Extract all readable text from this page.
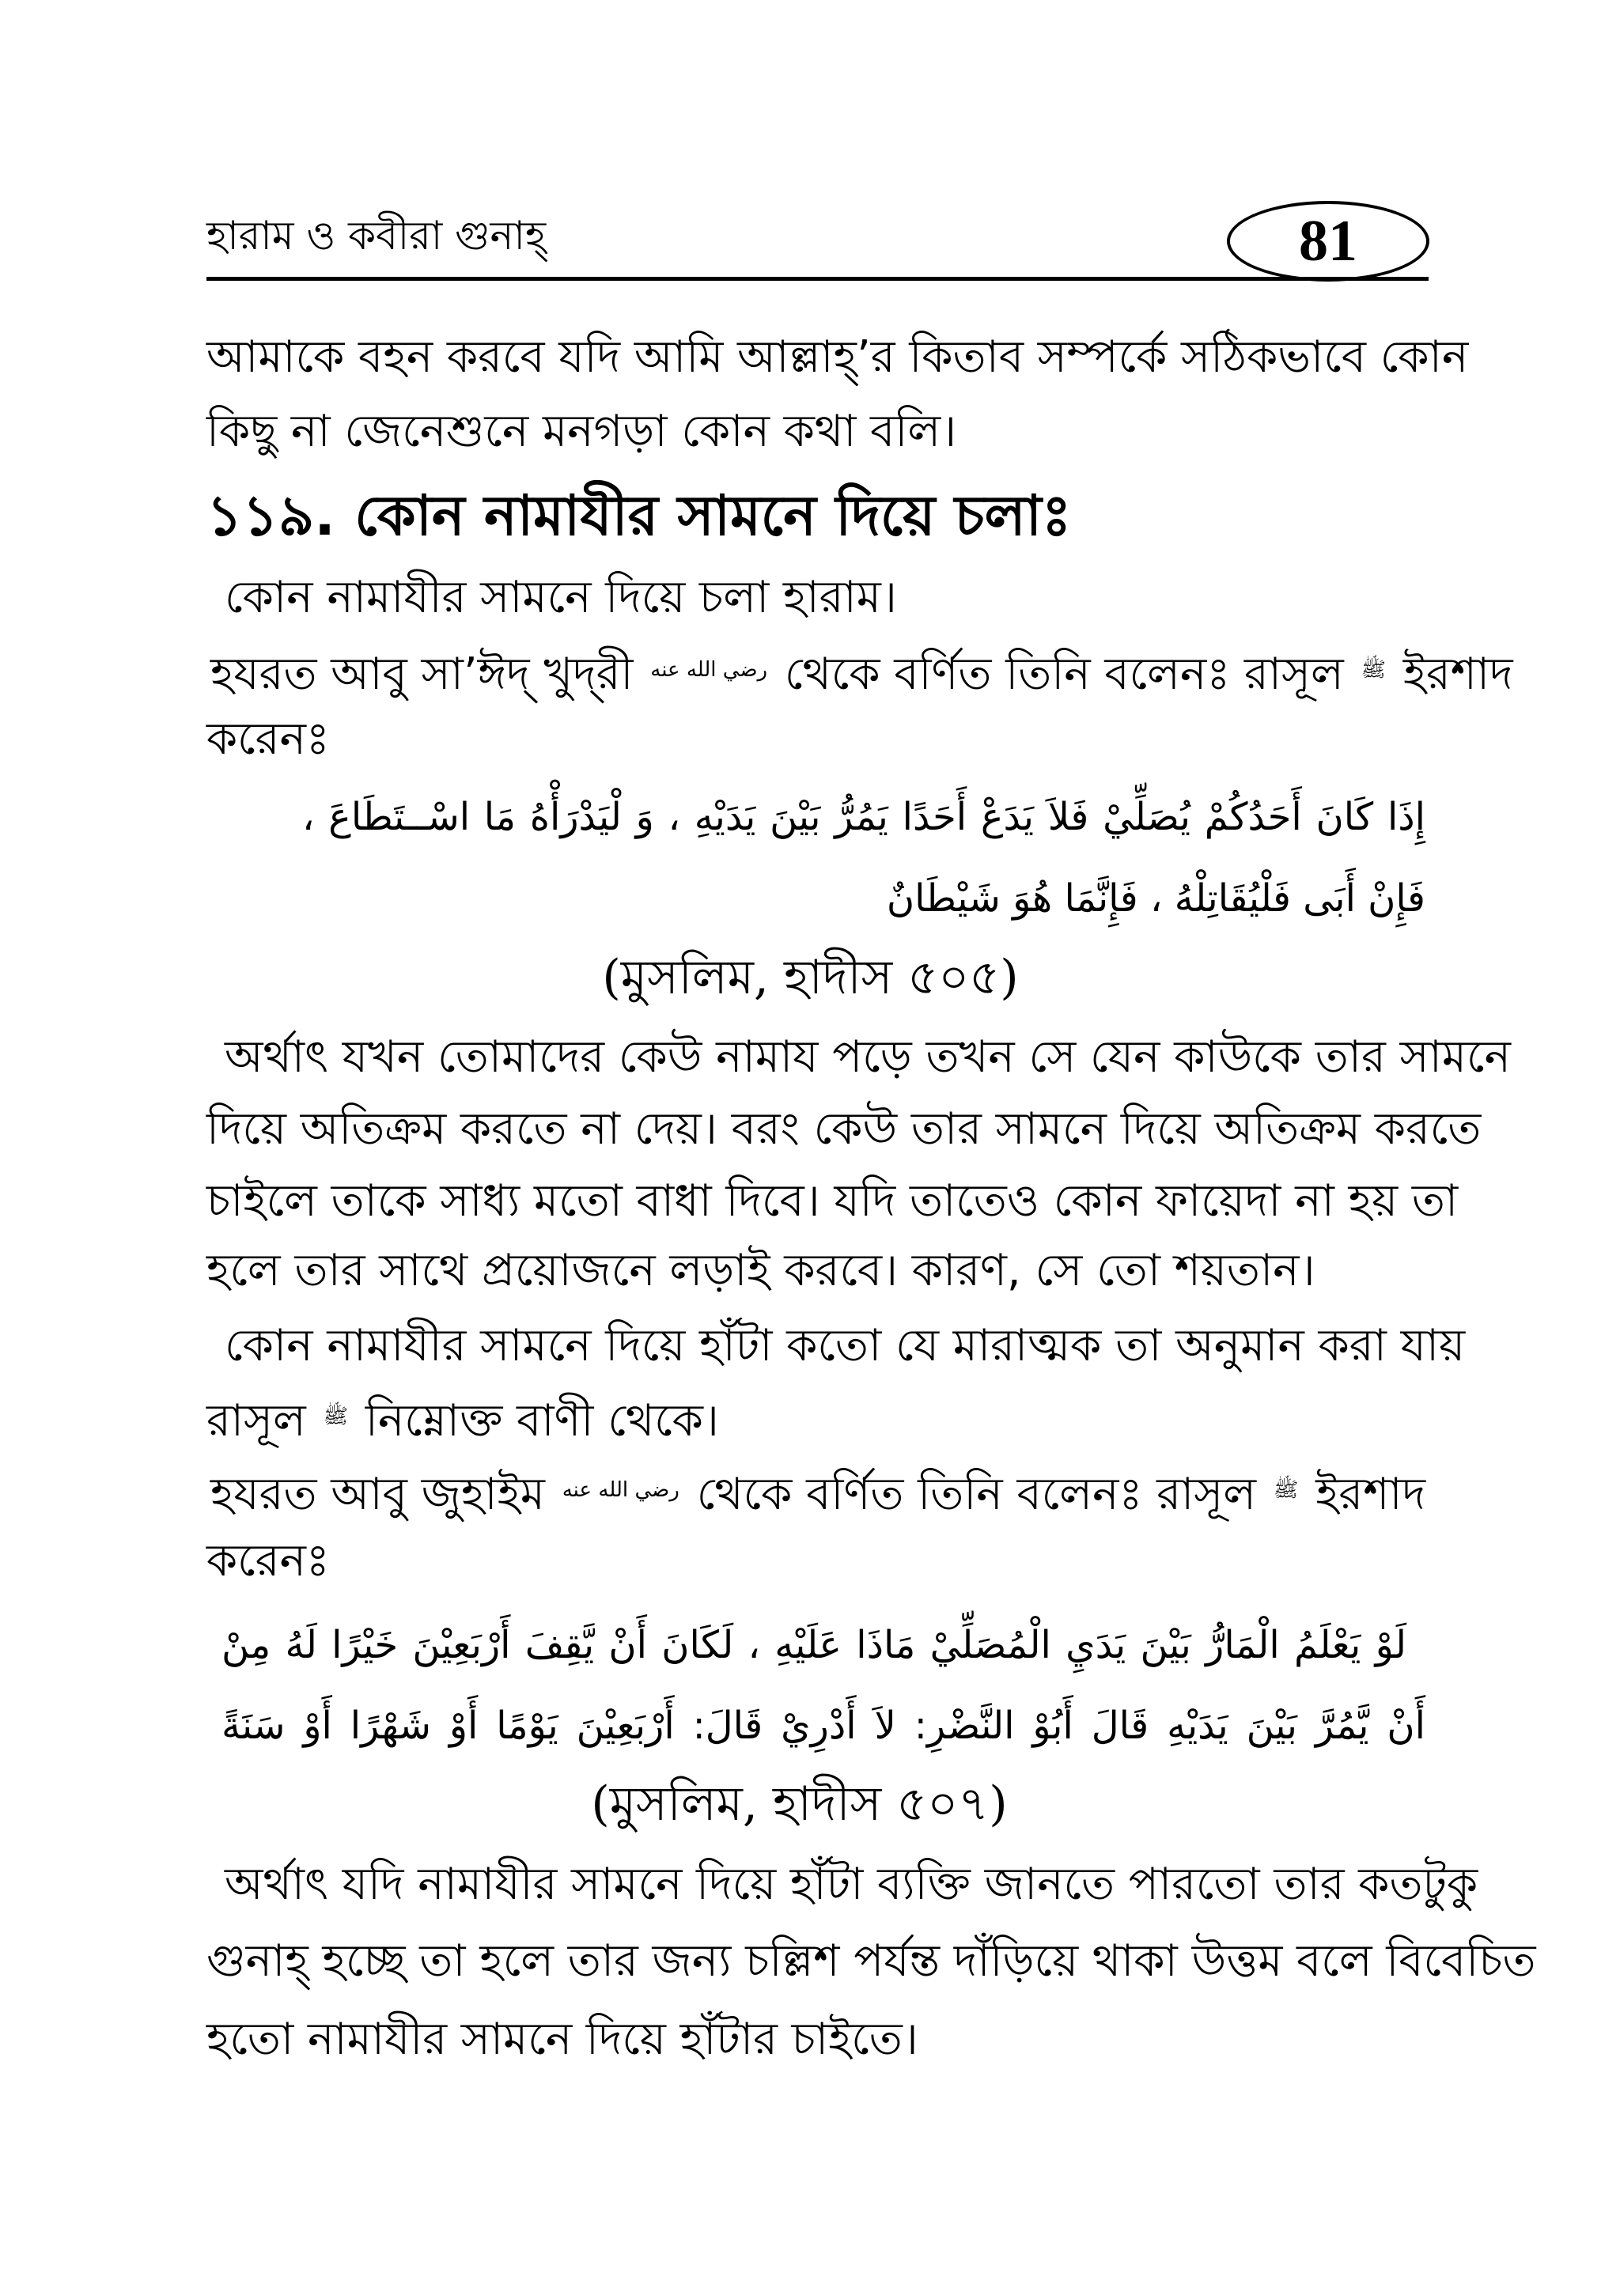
হারাম ও কবীরা গুনাহ্	81
আমাকে বহন করবে যদি আমি আল্লাহ্’র কিতাব সম্পর্কে সঠিকভাবে কোন
কিছু না জেনেশুনে মনগড়া কোন কথা বলি।
১১৯. কোন নামাযীর সামনে দিয়ে চলাঃ
কোন নামাযীর সামনে দিয়ে চলা হারাম।
হযরত আবু সা’ঈদ্ খুদ্‌রী $^{رضي الله عنه}$ থেকে বর্ণিত তিনি বলেনঃ রাসূল $^ﷺ$ ইরশাদ
করেনঃ
إِذَا كَانَ أَحَدُكُمْ يُصَلِّيْ فَلاَ يَدَعْ أَحَدًا يَمُرُّ بَيْنَ يَدَيْهِ ، وَ لْيَدْرَأْهُ مَا اسْــتَطَاعَ ،
فَإِنْ أَبَى فَلْيُقَاتِلْهُ ، فَإِنَّمَا هُوَ شَيْطَانٌ
(মুসলিম, হাদীস ৫০৫)
অর্থাৎ যখন তোমাদের কেউ নামায পড়ে তখন সে যেন কাউকে তার সামনে
দিয়ে অতিক্রম করতে না দেয়। বরং কেউ তার সামনে দিয়ে অতিক্রম করতে
চাইলে তাকে সাধ্য মতো বাধা দিবে। যদি তাতেও কোন ফায়েদা না হয় তা
হলে তার সাথে প্রয়োজনে লড়াই করবে। কারণ, সে তো শয়তান।
কোন নামাযীর সামনে দিয়ে হাঁটা কতো যে মারাত্মক তা অনুমান করা যায়
রাসূল $^ﷺ$ নিম্নোক্ত বাণী থেকে।
হযরত আবু জুহাইম $^{رضي الله عنه}$ থেকে বর্ণিত তিনি বলেনঃ রাসূল $^ﷺ$ ইরশাদ
করেনঃ
لَوْ يَعْلَمُ الْمَارُّ بَيْنَ يَدَيِ الْمُصَلِّيْ مَاذَا عَلَيْهِ ، لَكَانَ أَنْ يَّقِفَ أَرْبَعِيْنَ خَيْرًا لَهُ مِنْ
أَنْ يَّمُرَّ بَيْنَ يَدَيْهِ قَالَ أَبُوْ النَّضْرِ: لاَ أَدْرِيْ قَالَ: أَرْبَعِيْنَ يَوْمًا أَوْ شَهْرًا أَوْ سَنَةً
(মুসলিম, হাদীস ৫০৭)
অর্থাৎ যদি নামাযীর সামনে দিয়ে হাঁটা ব্যক্তি জানতে পারতো তার কতটুকু
গুনাহ্ হচ্ছে তা হলে তার জন্য চল্লিশ পর্যন্ত দাঁড়িয়ে থাকা উত্তম বলে বিবেচিত
হতো নামাযীর সামনে দিয়ে হাঁটার চাইতে।
